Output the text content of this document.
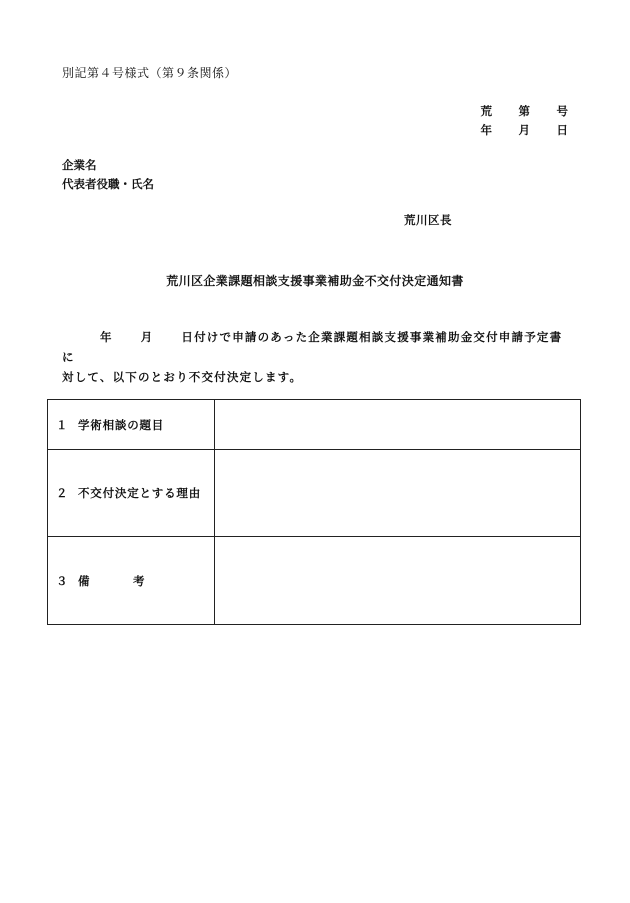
別記第４号様式（第９条関係）
荒	第	号
年	月	日
企業名
代表者役職・氏名
荒川区長
荒川区企業課題相談支援事業補助金不交付決定通知書
年 月 日付けで申請のあった企業課題相談支援事業補助金交付申請予定書に
対して、以下のとおり不交付決定します。
１ 学術相談の題目	
２ 不交付決定とする理由	
３ 備　考	
